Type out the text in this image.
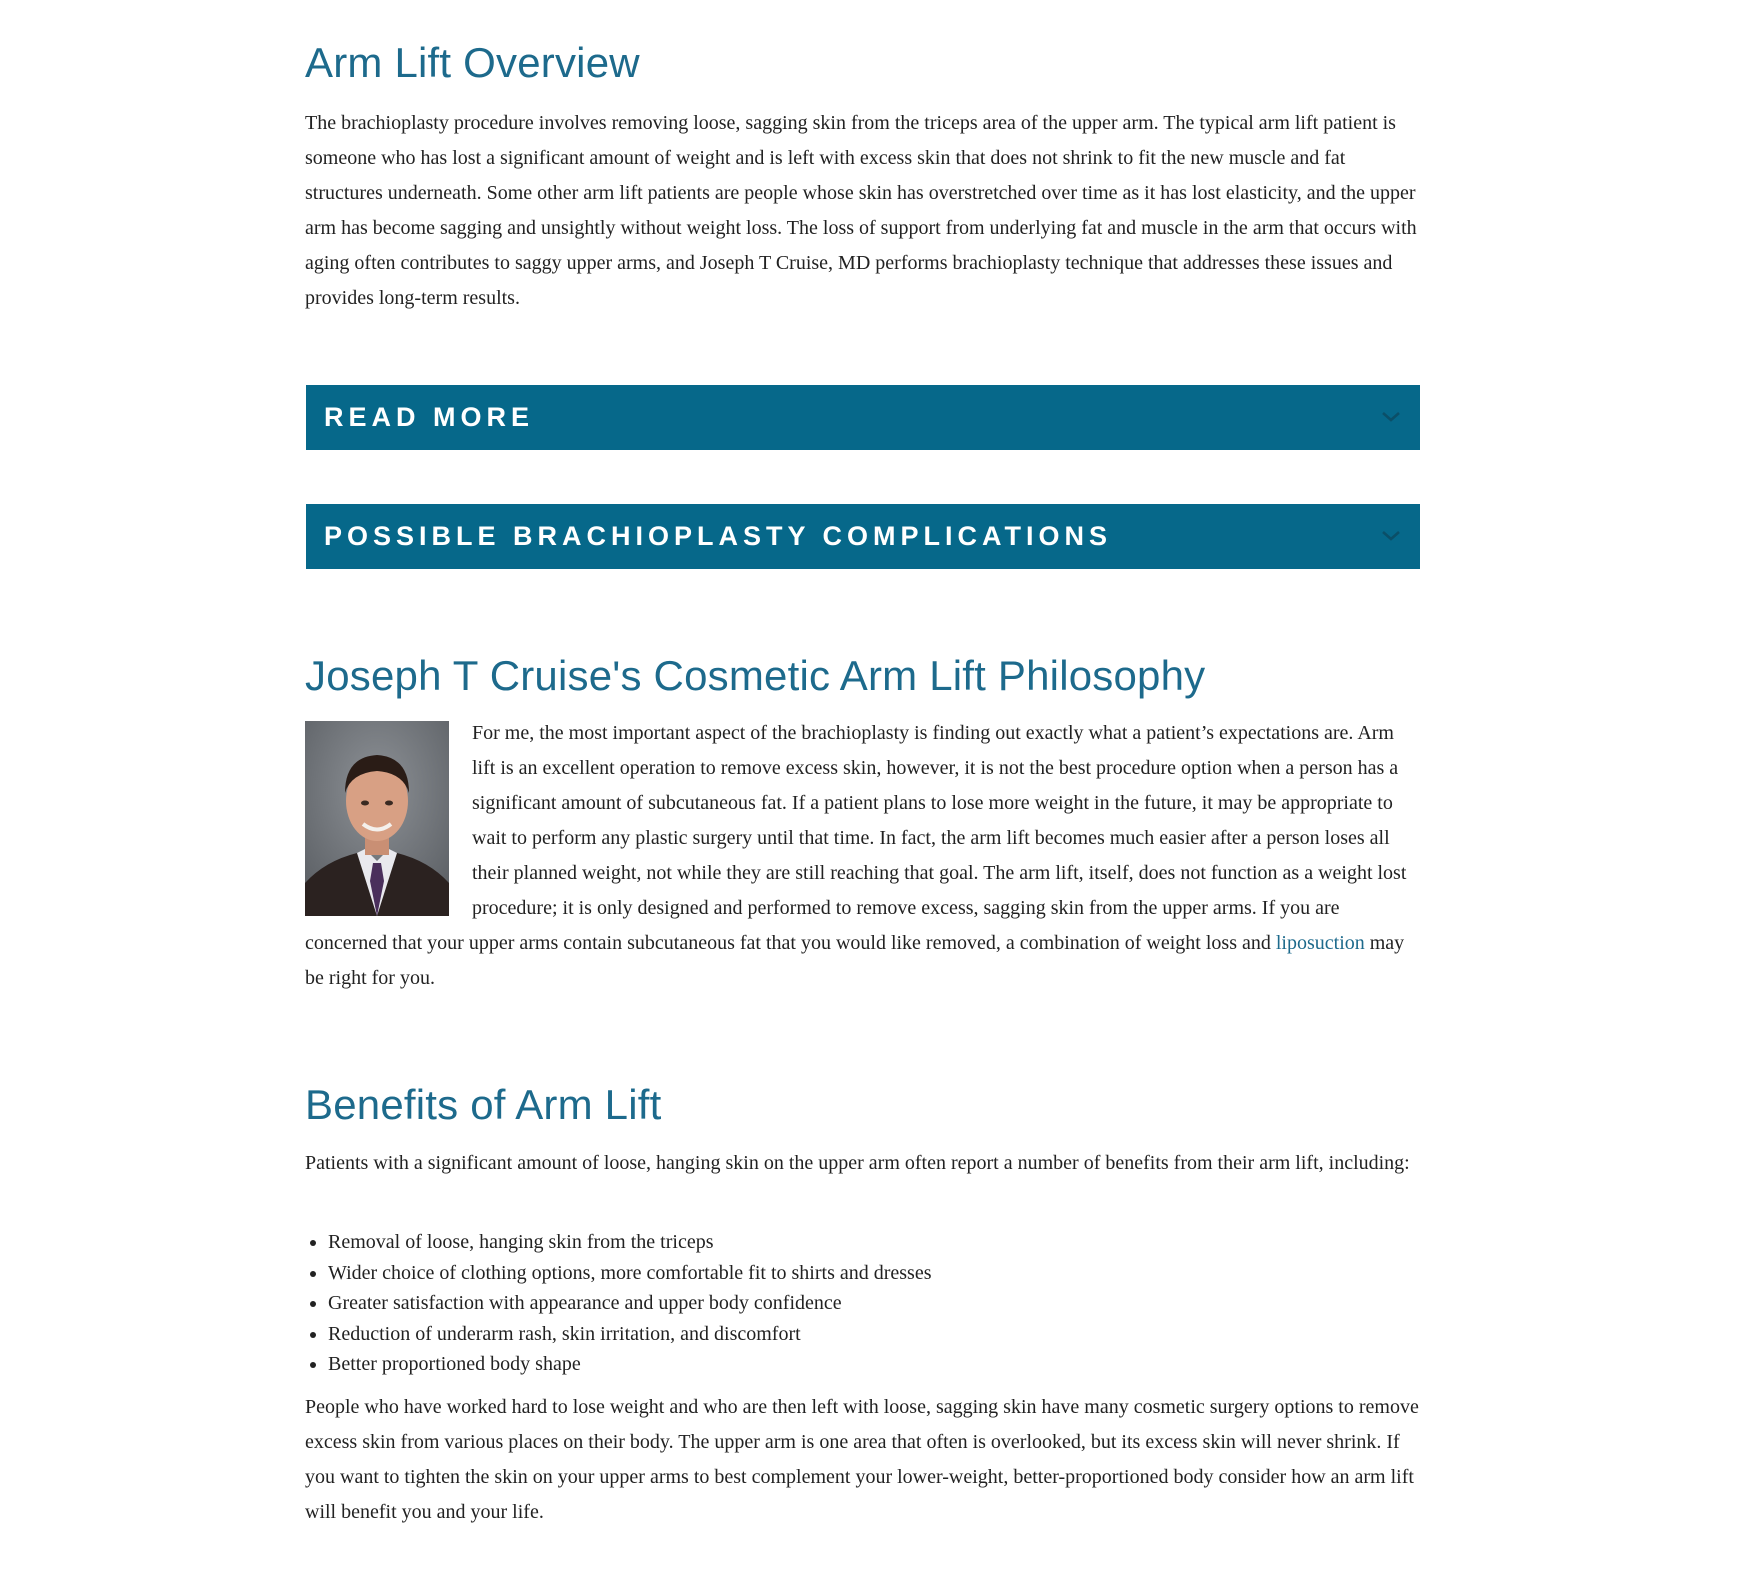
Arm Lift Overview

The brachioplasty procedure involves removing loose, sagging skin from the triceps area of the upper arm. The typical arm lift patient is someone who has lost a significant amount of weight and is left with excess skin that does not shrink to fit the new muscle and fat structures underneath. Some other arm lift patients are people whose skin has overstretched over time as it has lost elasticity, and the upper arm has become sagging and unsightly without weight loss. The loss of support from underlying fat and muscle in the arm that occurs with aging often contributes to saggy upper arms, and Joseph T Cruise, MD performs brachioplasty technique that addresses these issues and provides long-term results.

READ MORE
POSSIBLE BRACHIOPLASTY COMPLICATIONS
Joseph T Cruise's Cosmetic Arm Lift Philosophy

For me, the most important aspect of the brachioplasty is finding out exactly what a patient’s expectations are. Arm lift is an excellent operation to remove excess skin, however, it is not the best procedure option when a person has a significant amount of subcutaneous fat. If a patient plans to lose more weight in the future, it may be appropriate to wait to perform any plastic surgery until that time. In fact, the arm lift becomes much easier after a person loses all their planned weight, not while they are still reaching that goal. The arm lift, itself, does not function as a weight lost procedure; it is only designed and performed to remove excess, sagging skin from the upper arms. If you are concerned that your upper arms contain subcutaneous fat that you would like removed, a combination of weight loss and liposuction may be right for you.

Benefits of Arm Lift

Patients with a significant amount of loose, hanging skin on the upper arm often report a number of benefits from their arm lift, including:

• Removal of loose, hanging skin from the triceps
• Wider choice of clothing options, more comfortable fit to shirts and dresses
• Greater satisfaction with appearance and upper body confidence
• Reduction of underarm rash, skin irritation, and discomfort
• Better proportioned body shape

People who have worked hard to lose weight and who are then left with loose, sagging skin have many cosmetic surgery options to remove excess skin from various places on their body. The upper arm is one area that often is overlooked, but its excess skin will never shrink. If you want to tighten the skin on your upper arms to best complement your lower-weight, better-proportioned body consider how an arm lift will benefit you and your life.
